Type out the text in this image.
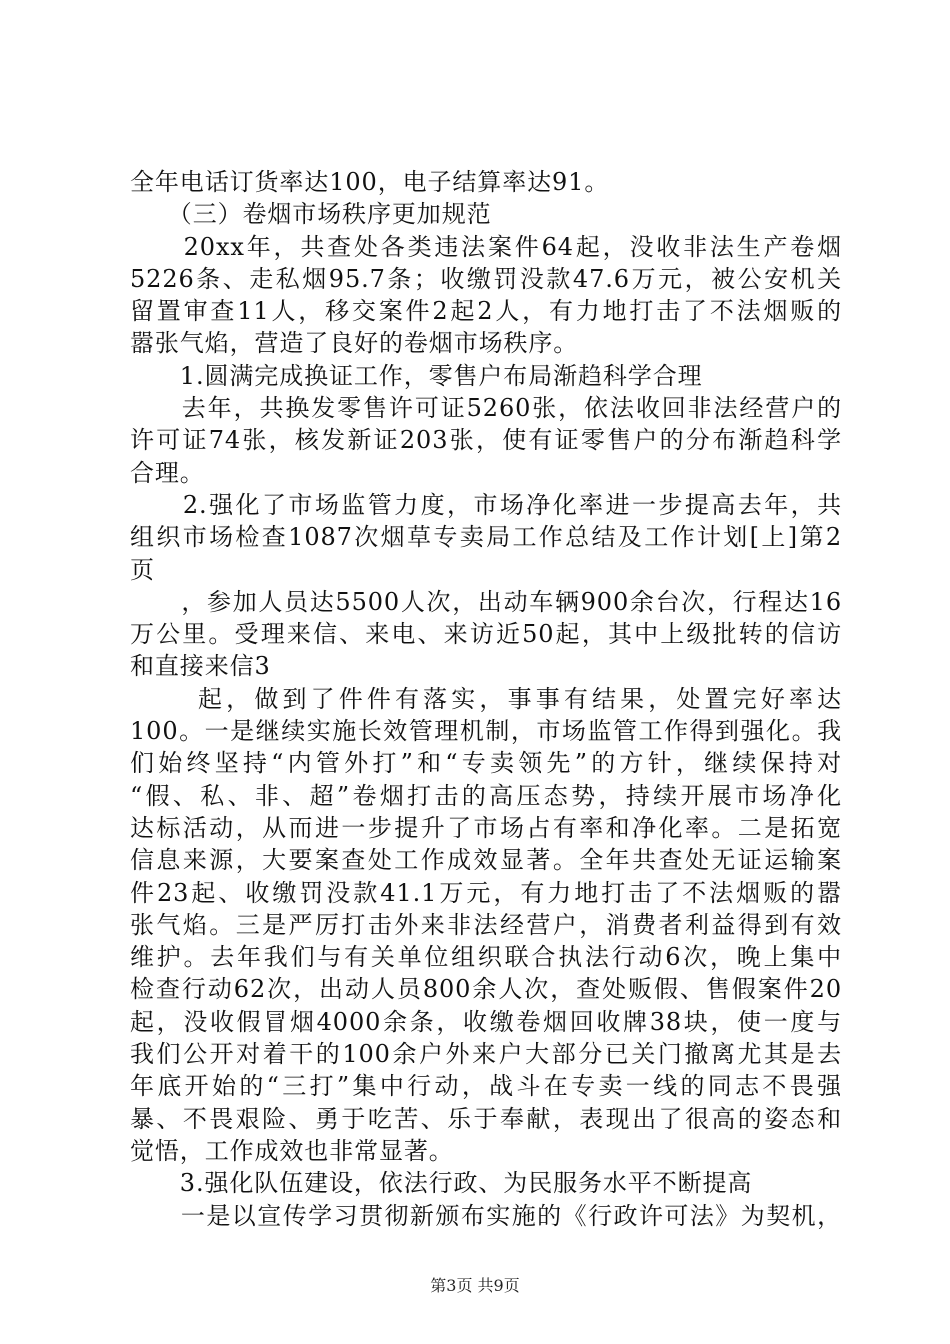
全年电话订货率达100，电子结算率达91。
　　（三）卷烟市场秩序更加规范
　　20xx年，共查处各类违法案件64起，没收非法生产卷烟
5226条、走私烟95.7条；收缴罚没款47.6万元，被公安机关
留置审查11人，移交案件2起2人，有力地打击了不法烟贩的
嚣张气焰，营造了良好的卷烟市场秩序。
　　1.圆满完成换证工作，零售户布局渐趋科学合理
　　去年，共换发零售许可证5260张，依法收回非法经营户的
许可证74张，核发新证203张，使有证零售户的分布渐趋科学
合理。
　　2.强化了市场监管力度，市场净化率进一步提高去年，共
组织市场检查1087次烟草专卖局工作总结及工作计划[上]第2
页
　　，参加人员达5500人次，出动车辆900余台次，行程达16
万公里。受理来信、来电、来访近50起，其中上级批转的信访
和直接来信3
　　 起，做到了件件有落实，事事有结果，处置完好率达
100。一是继续实施长效管理机制，市场监管工作得到强化。我
们始终坚持“内管外打”和“专卖领先”的方针，继续保持对
“假、私、非、超”卷烟打击的高压态势，持续开展市场净化
达标活动，从而进一步提升了市场占有率和净化率。二是拓宽
信息来源，大要案查处工作成效显著。全年共查处无证运输案
件23起、收缴罚没款41.1万元，有力地打击了不法烟贩的嚣
张气焰。三是严厉打击外来非法经营户，消费者利益得到有效
维护。去年我们与有关单位组织联合执法行动6次，晚上集中
检查行动62次，出动人员800余人次，查处贩假、售假案件20
起，没收假冒烟4000余条，收缴卷烟回收牌38块，使一度与
我们公开对着干的100余户外来户大部分已关门撤离尤其是去
年底开始的“三打”集中行动，战斗在专卖一线的同志不畏强
暴、不畏艰险、勇于吃苦、乐于奉献，表现出了很高的姿态和
觉悟，工作成效也非常显著。
　　3.强化队伍建设，依法行政、为民服务水平不断提高
　　一是以宣传学习贯彻新颁布实施的《行政许可法》为契机，
第3页 共9页
